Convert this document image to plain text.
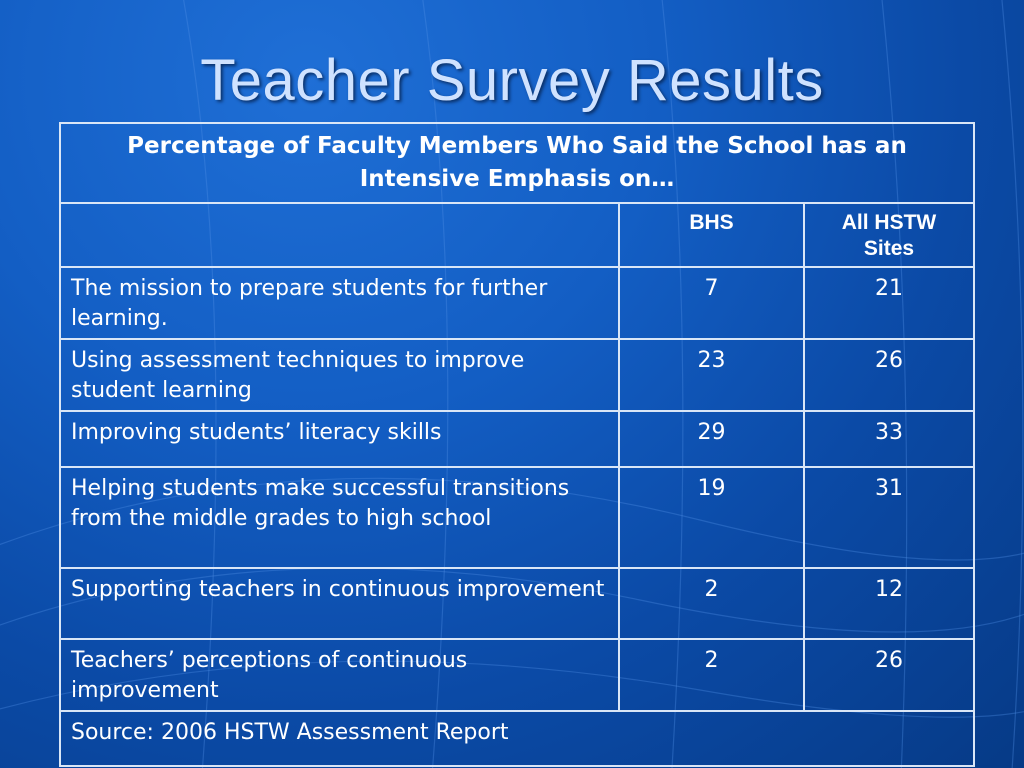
Teacher Survey Results
Percentage of Faculty Members Who Said the School has an Intensive Emphasis on…		
	BHS	All HSTW Sites
The mission to prepare students for further learning.	7	21
Using assessment techniques to improve student learning	23	26
Improving students’ literacy skills	29	33
Helping students make successful transitions from the middle grades to high school	19	31
Supporting teachers in continuous improvement	2	12
Teachers’ perceptions of continuous improvement	2	26
Source: 2006 HSTW Assessment Report		
